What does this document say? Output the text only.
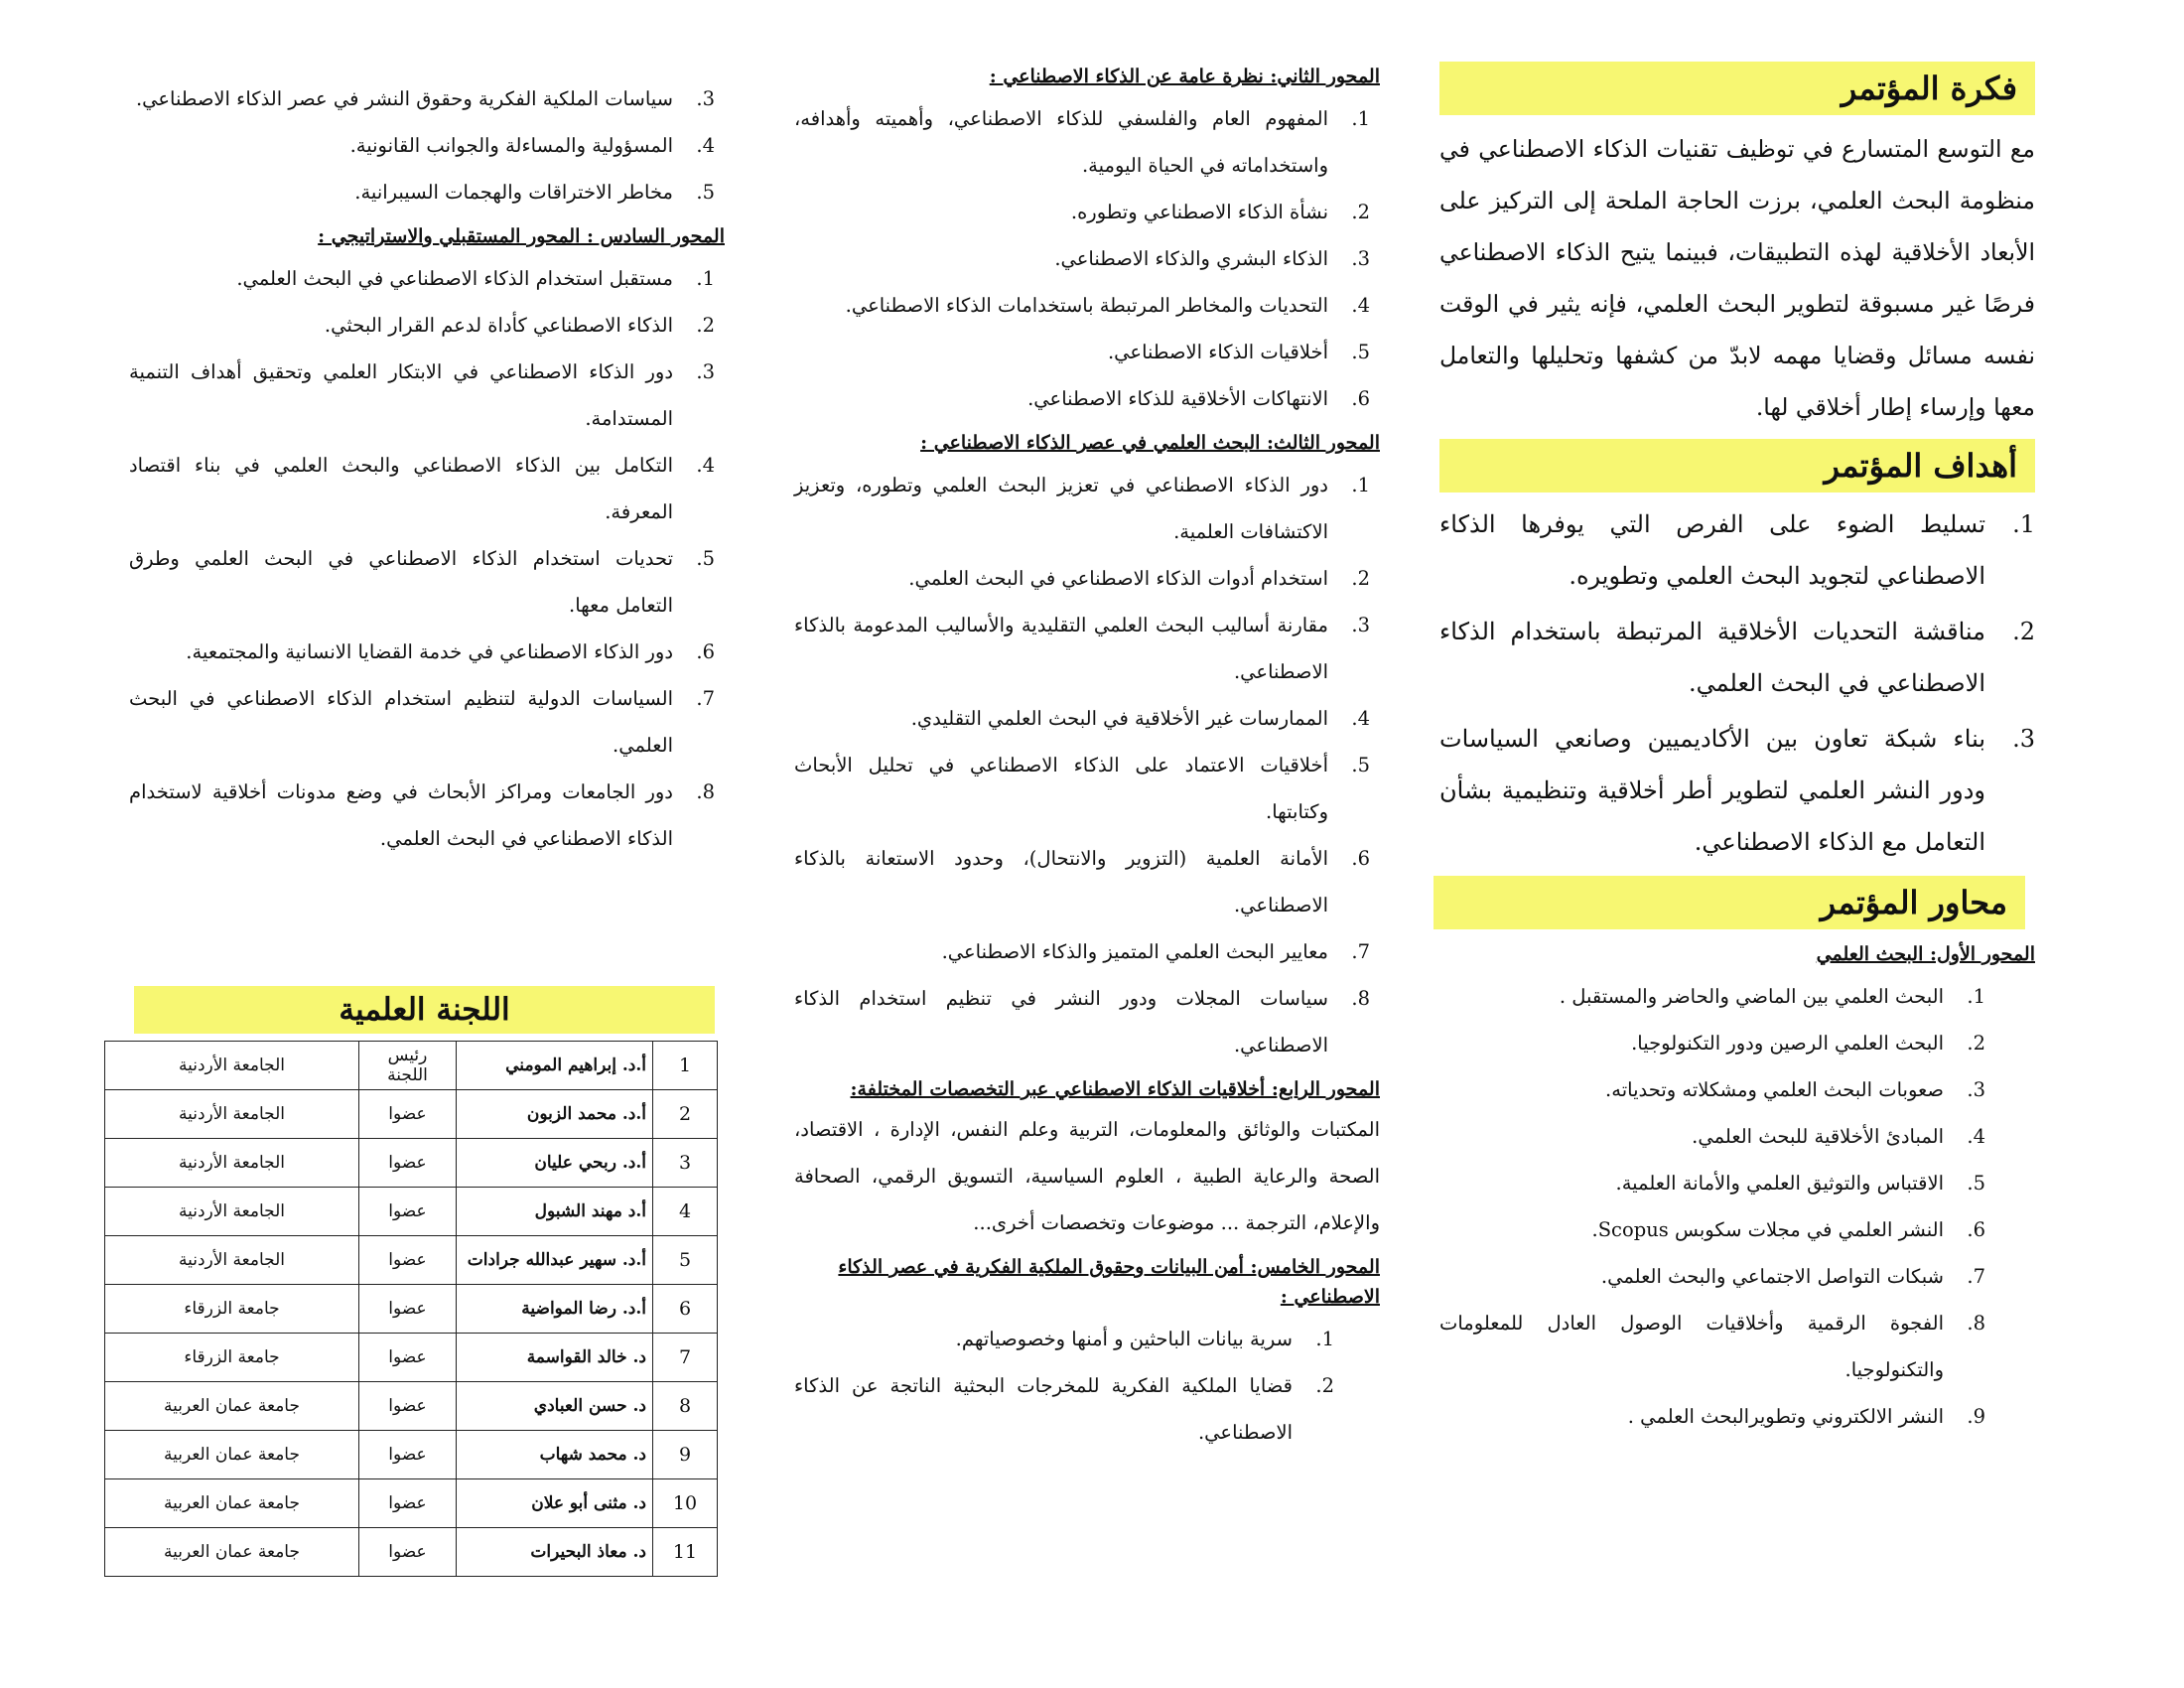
فكرة المؤتمر

مع التوسع المتسارع في توظيف تقنيات الذكاء الاصطناعي في منظومة البحث العلمي، برزت الحاجة الملحة إلى التركيز على الأبعاد الأخلاقية لهذه التطبيقات، فبينما يتيح الذكاء الاصطناعي فرصًا غير مسبوقة لتطوير البحث العلمي، فإنه يثير في الوقت نفسه مسائل وقضايا مهمه لابدّ من كشفها وتحليلها والتعامل معها وإرساء إطار أخلاقي لها.

أهداف المؤتمر
1.
تسليط الضوء على الفرص التي يوفرها الذكاء الاصطناعي لتجويد البحث العلمي وتطويره.
2.
مناقشة التحديات الأخلاقية المرتبطة باستخدام الذكاء الاصطناعي في البحث العلمي.
3.
بناء شبكة تعاون بين الأكاديميين وصانعي السياسات ودور النشر العلمي لتطوير أطر أخلاقية وتنظيمية بشأن التعامل مع الذكاء الاصطناعي.
محاور المؤتمر
المحور الأول: البحث العلمي
1.
البحث العلمي بين الماضي والحاضر والمستقبل .
2.
البحث العلمي الرصين ودور التكنولوجيا.
3.
صعوبات البحث العلمي ومشكلاته وتحدياته.
4.
المبادئ الأخلاقية للبحث العلمي.
5.
الاقتباس والتوثيق العلمي والأمانة العلمية.
6.
النشر العلمي في مجلات سكوبس Scopus.
7.
شبكات التواصل الاجتماعي والبحث العلمي.
8.
الفجوة الرقمية وأخلاقيات الوصول العادل للمعلومات والتكنولوجيا.
9.
النشر الالكتروني وتطويرالبحث العلمي .
المحور الثاني: نظرة عامة عن الذكاء الاصطناعي :
1.
المفهوم العام والفلسفي للذكاء الاصطناعي، وأهميته وأهدافه، واستخداماته في الحياة اليومية.
2.
نشأة الذكاء الاصطناعي وتطوره.
3.
الذكاء البشري والذكاء الاصطناعي.
4.
التحديات والمخاطر المرتبطة باستخدامات الذكاء الاصطناعي.
5.
أخلاقيات الذكاء الاصطناعي.
6.
الانتهاكات الأخلاقية للذكاء الاصطناعي.
المحور الثالث: البحث العلمي في عصر الذكاء الاصطناعي :
1.
دور الذكاء الاصطناعي في تعزيز البحث العلمي وتطوره، وتعزيز الاكتشافات العلمية.
2.
استخدام أدوات الذكاء الاصطناعي في البحث العلمي.
3.
مقارنة أساليب البحث العلمي التقليدية والأساليب المدعومة بالذكاء الاصطناعي.
4.
الممارسات غير الأخلاقية في البحث العلمي التقليدي.
5.
أخلاقيات الاعتماد على الذكاء الاصطناعي في تحليل الأبحاث وكتابتها.
6.
الأمانة العلمية (التزوير والانتحال)، وحدود الاستعانة بالذكاء الاصطناعي.
7.
معايير البحث العلمي المتميز والذكاء الاصطناعي.
8.
سياسات المجلات ودور النشر في تنظيم استخدام الذكاء الاصطناعي.
المحور الرابع: أخلاقيات الذكاء الاصطناعي عبر التخصصات المختلفة:

المكتبات والوثائق والمعلومات، التربية وعلم النفس، الإدارة ، الاقتصاد، الصحة والرعاية الطبية ، العلوم السياسية، التسويق الرقمي، الصحافة والإعلام، الترجمة ... موضوعات وتخصصات أخرى...

المحور الخامس: أمن البيانات وحقوق الملكية الفكرية في عصر الذكاء الاصطناعي :
1.
سرية بيانات الباحثين و أمنها وخصوصياتهم.
2.
قضايا الملكية الفكرية للمخرجات البحثية الناتجة عن الذكاء الاصطناعي.
3.
سياسات الملكية الفكرية وحقوق النشر في عصر الذكاء الاصطناعي.
4.
المسؤولية والمساءلة والجوانب القانونية.
5.
مخاطر الاختراقات والهجمات السيبرانية.
المحور السادس : المحور المستقبلي والاستراتيجي :
1.
مستقبل استخدام الذكاء الاصطناعي في البحث العلمي.
2.
الذكاء الاصطناعي كأداة لدعم القرار البحثي.
3.
دور الذكاء الاصطناعي في الابتكار العلمي وتحقيق أهداف التنمية المستدامة.
4.
التكامل بين الذكاء الاصطناعي والبحث العلمي في بناء اقتصاد المعرفة.
5.
تحديات استخدام الذكاء الاصطناعي في البحث العلمي وطرق التعامل معها.
6.
دور الذكاء الاصطناعي في خدمة القضايا الانسانية والمجتمعية.
7.
السياسات الدولية لتنظيم استخدام الذكاء الاصطناعي في البحث العلمي.
8.
دور الجامعات ومراكز الأبحاث في وضع مدونات أخلاقية لاستخدام الذكاء الاصطناعي في البحث العلمي.
اللجنة العلمية
1	أ.د. إبراهيم المومني	رئيس اللجنة	الجامعة الأردنية
2	أ.د. محمد الزبون	عضوا	الجامعة الأردنية
3	أ.د. ربحي عليان	عضوا	الجامعة الأردنية
4	أ.د مهند الشبول	عضوا	الجامعة الأردنية
5	أ.د. سهير عبدالله جرادات	عضوا	الجامعة الأردنية
6	أ.د. رضا المواضية	عضوا	جامعة الزرقاء
7	د. خالد القواسمة	عضوا	جامعة الزرقاء
8	د. حسن العبادي	عضوا	جامعة عمان العربية
9	د. محمد شهاب	عضوا	جامعة عمان العربية
10	د. مثنى أبو علان	عضوا	جامعة عمان العربية
11	د. معاذ البحيرات	عضوا	جامعة عمان العربية
